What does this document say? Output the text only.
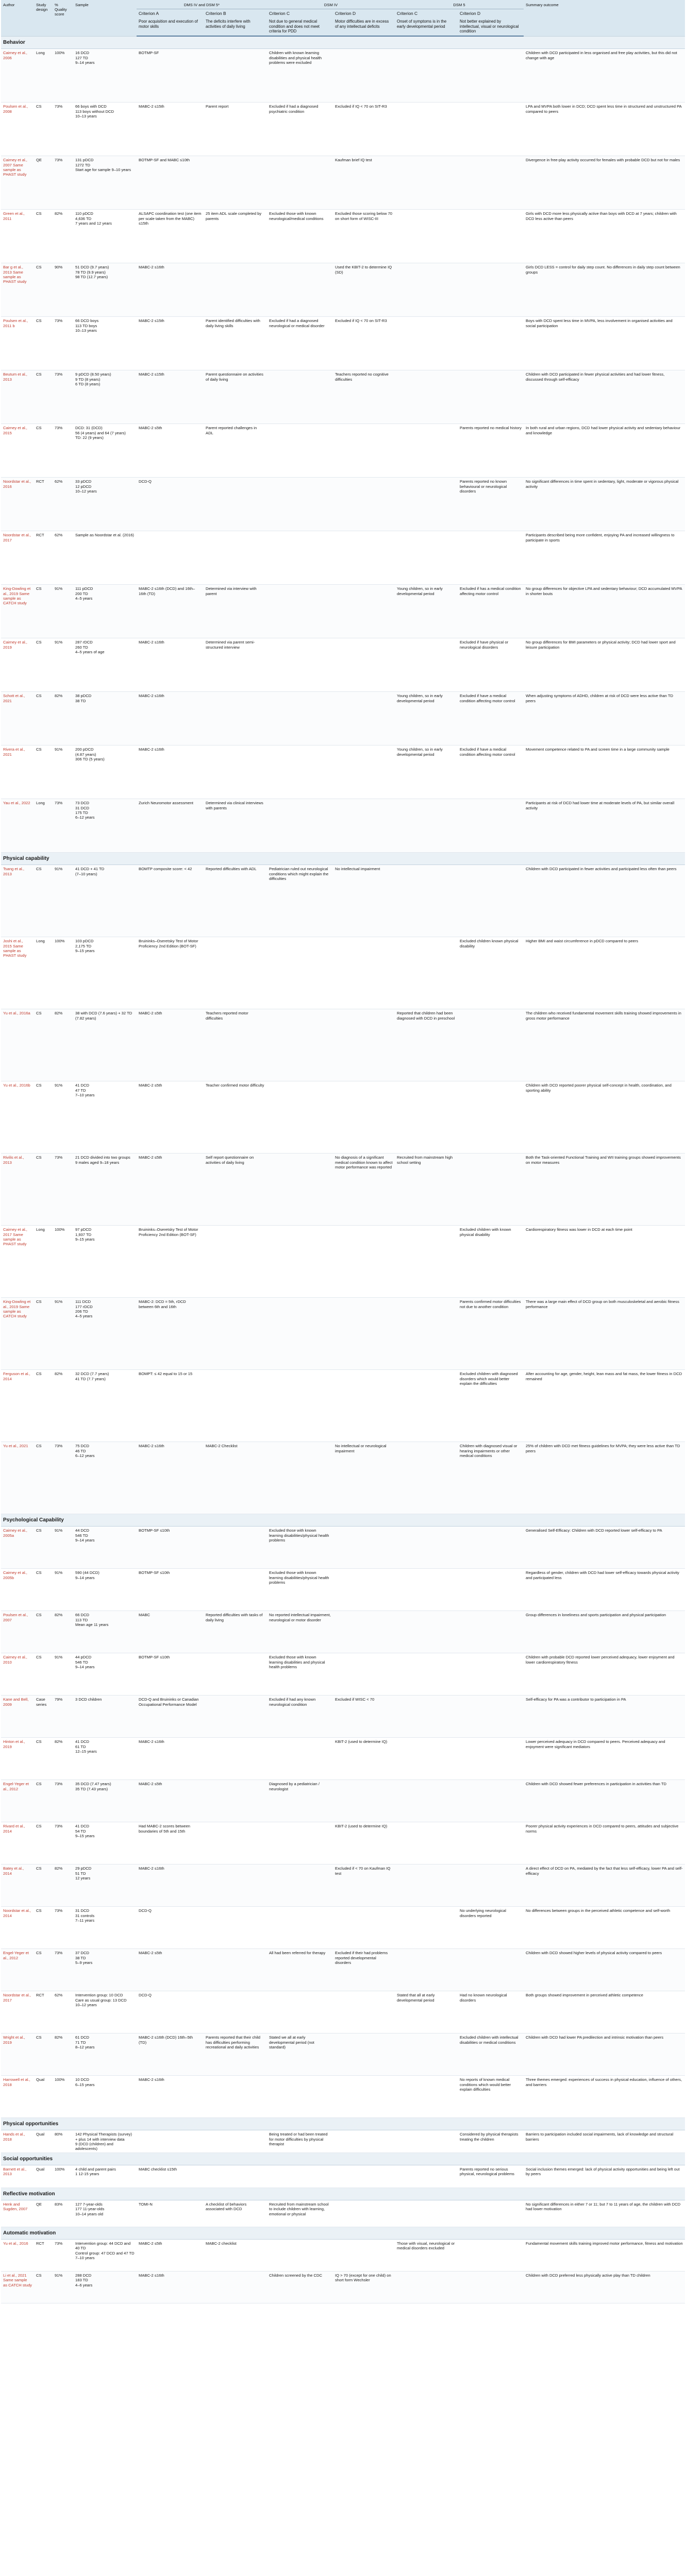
Author	Study design	% Quality score	Sample	DMS IV and DSM 5*		DSM IV		DSM 5		Summary outcome
				Criterion A	Criterion B	Criterion C	Criterion D	Criterion C	Criterion D	
				Poor acquisition and execution of motor skills	The deficits interfere with activities of daily living	Not due to general medical condition and does not meet criteria for PDD	Motor difficulties are in excess of any intellectual deficits	Onset of symptoms is in the early developmental period	Not better explained by intellectual, visual or neurological condition	
Behavior										
Cairney et al., 2006	Long	100%	16 DCD
127 TD
9–14 years	BOTMP-SF		Children with known learning disabilities and physical health problems were excluded				Children with DCD participated in less organised and free play activities, but this did not change with age
Poulsen et al., 2008	CS	73%	66 boys with DCD
113 boys without DCD
10–13 years	MABC-2 ≤15th	Parent report	Excluded if had a diagnosed psychiatric condition	Excluded if IQ < 70 on SIT-R3			LPA and MVPA both lower in DCD; DCD spent less time in structured and unstructured PA compared to peers
Cairney et al., 2007 Same sample as PHAST study	QE	73%	131 pDCD
1272 TD
Start age for sample 9–10 years	BOTMP-SF and MABC ≤10th			Kaufman brief IQ test			Divergence in free-play activity occurred for females with probable DCD but not for males
Green et al., 2011	CS	82%	110 pDCD
4,636 TD
7 years and 12 years	ALSAPC coordination test (one item per scale taken from the MABC) ≤15th	25 item ADL scale completed by parents	Excluded those with known neurological/medical conditions	Excluded those scoring below 70 on short form of WISC-III			Girls with DCD more less physically active than boys with DCD at 7 years; children with DCD less active than peers
Bar g et al., 2013 Same sample as PHAST study	CS	90%	51 DCD (9.7 years)
78 TD (9.9 years)
98 TD (12.7 years)	MABC-2 ≤16th			Used the KBIT-2 to determine IQ (SD)			Girls DCD LESS = control for daily step count. No differences in daily step count between groups
Poulsen et al., 2011 b	CS	73%	66 DCD boys
113 TD boys
10–13 years	MABC-2 ≤15th	Parent identified difficulties with daily living skills	Excluded if had a diagnosed neurological or medical disorder	Excluded if IQ < 70 on SIT-R3			Boys with DCD spent less time in MVPA, less involvement in organised activities and social participation
Beutum et al., 2013	CS	73%	9 pDCD (8.50 years)
9 TD (8 years)
6 TD (8 years)	MABC-2 ≤15th	Parent questionnaire on activities of daily living		Teachers reported no cognitive difficulties			Children with DCD participated in fewer physical activities and had lower fitness, discussed through self-efficacy
Cairney et al., 2015	CS	73%	DCD: 31 (DCD)
56 (4 years) and 64 (7 years)
TD: 22 (9 years)	MABC-2 ≤5th	Parent reported challenges in ADL				Parents reported no medical history	In both rural and urban regions, DCD had lower physical activity and sedentary behaviour and knowledge
Noordstar et al., 2016	RCT	62%	33 pDCD
12 pDCD
10–12 years	DCD-Q					Parents reported no known behavioural or neurological disorders	No significant differences in time spent in sedentary, light, moderate or vigorous physical activity
Noordstar et al., 2017	RCT	62%	Sample as Noordstar et al. (2016)							Participants described being more confident, enjoying PA and increased willingness to participate in sports
King-Dowling et al., 2019 Same sample as CATCH study	CS	91%	111 pDCD
200 TD
4–5 years	MABC-2 ≤16th (DCD) and 16th–16th (TD)	Determined via interview with parent			Young children, so in early developmental period	Excluded if has a medical condition affecting motor control	No group differences for objective LPA and sedentary behaviour; DCD accumulated MVPA in shorter bouts
Cairney et al., 2019	CS	91%	287 rDCD
260 TD
4–5 years of age	MABC-2 ≤16th	Determined via parent semi-structured interview				Excluded if have physical or neurological disorders	No group differences for BMI parameters or physical activity; DCD had lower sport and leisure participation
Schott et al., 2021	CS	82%	38 pDCD
38 TD	MABC-2 ≤16th				Young children, so in early developmental period	Excluded if have a medical condition affecting motor control	When adjusting symptoms of ADHD, children at risk of DCD were less active than TD peers
Rivera et al., 2021	CS	91%	200 pDCD
(4.87 years)
306 TD (5 years)	MABC-2 ≤16th				Young children, so in early developmental period	Excluded if have a medical condition affecting motor control	Movement competence related to PA and screen time in a large community sample
Yau et al., 2022	Long	73%	73 DCD
31 DCD
175 TD
6–12 years	Zurich Neuromotor assessment	Determined via clinical interviews with parents					Participants at risk of DCD had lower time at moderate levels of PA, but similar overall activity
Physical capability										
Tsang et al., 2013	CS	91%	41 DCD + 41 TD
(7–10 years)	BOMTP composite score: < 42	Reported difficulties with ADL	Pediatrician ruled out neurological conditions which might explain the difficulties	No intellectual impairment			Children with DCD participated in fewer activities and participated less often than peers
Joshi et al., 2015 Same sample as PHAST study	Long	100%	103 pDCD
2,175 TD
9–15 years	Bruininks–Oseretsky Test of Motor Proficiency 2nd Edition (BOT-SF)					Excluded children known physical disability	Higher BMI and waist circumference in pDCD compared to peers
Yu et al., 2016a	CS	82%	38 with DCD (7.6 years) + 32 TD (7.82 years)	MABC-2 ≤5th	Teachers reported motor difficulties			Reported that children had been diagnosed with DCD in preschool		The children who received fundamental movement skills training showed improvements in gross motor performance
Yu et al., 2016b	CS	91%	41 DCD
47 TD
7–10 years	MABC-2 ≤5th	Teacher confirmed motor difficulty					Children with DCD reported poorer physical self-concept in health, coordination, and sporting ability
Rivilis et al., 2013	CS	73%	21 DCD divided into two groups
9 males aged 9–18 years	MABC-2 ≤5th	Self report questionnaire on activities of daily living		No diagnosis of a significant medical condition known to affect motor performance was reported	Recruited from mainstream high school setting		Both the Task-oriented Functional Training and WII training groups showed improvements on motor measures
Cairney et al., 2017 Same sample as PHAST study	Long	100%	97 pDCD
1,937 TD
9–15 years	Bruininks–Oseretsky Test of Motor Proficiency 2nd Edition (BOT-SF)					Excluded children with known physical disability	Cardiorespiratory fitness was lower in DCD at each time point
King-Dowling et al., 2019 Same sample as CATCH study	CS	91%	111 DCD
177 rDCD
206 TD
4–5 years	MABC-2: DCD = 5th, rDCD between 6th and 16th					Parents confirmed motor difficulties not due to another condition	There was a large main effect of DCD group on both musculoskeletal and aerobic fitness performance
Ferguson et al., 2014	CS	82%	32 DCD (7.7 years)
41 TD (7.7 years)	BOMPT: ≤ 42 equal to 15 or 15					Excluded children with diagnosed disorders which would better explain the difficulties	After accounting for age, gender, height, lean mass and fat mass, the lower fitness in DCD remained
Yu et al., 2021	CS	73%	75 DCD
46 TD
6–12 years	MABC-2 ≤16th	MABC-2 Checklist		No intellectual or neurological impairment		Children with diagnosed visual or hearing impairments or other medical conditions	25% of children with DCD met fitness guidelines for MVPA; they were less active than TD peers
Psychological Capability										
Cairney et al., 2005a	CS	91%	44 DCD
546 TD
9–14 years	BOTMP-SF ≤10th		Excluded those with known learning disabilities/physical health problems				Generalised Self-Efficacy: Children with DCD reported lower self-efficacy to PA
Cairney et al., 2005b	CS	91%	590 (44 DCD)
9–14 years	BOTMP-SF ≤10th		Excluded those with known learning disabilities/physical health problems				Regardless of gender, children with DCD had lower self-efficacy towards physical activity and participated less
Poulsen et al., 2007	CS	82%	66 DCD
113 TD
Mean age 11 years	MABC	Reported difficulties with tasks of daily living	No reported intellectual impairment, neurological or motor disorder				Group differences in loneliness and sports participation and physical participation
Cairney et al., 2010	CS	91%	44 pDCD
546 TD
9–14 years	BOTMP-SF ≤10th		Excluded those with known learning disabilities and physical health problems				Children with probable DCD reported lower perceived adequacy, lower enjoyment and lower cardiorespiratory fitness
Kane and Bell, 2009	Case series	79%	3 DCD children	DCD-Q and Bruininks or Canadian Occupational Performance Model		Excluded if had any known neurological condition	Excluded if WISC < 70			Self-efficacy for PA was a contributor to participation in PA
Hinton et al., 2019	CS	82%	41 DCD
61 TD
12–15 years	MABC-2 ≤16th			KBIT-2 (used to determine IQ)			Lower perceived adequacy in DCD compared to peers. Perceived adequacy and enjoyment were significant mediators
Engel-Yeger et al., 2012	CS	73%	35 DCD (7.47 years)
35 TD (7.43 years)	MABC-2 ≤5th		Diagnosed by a pediatrician / neurologist				Children with DCD showed fewer preferences in participation in activities than TD
Rivard et al., 2014	CS	73%	41 DCD
54 TD
9–15 years	Had MABC-2 scores between boundaries of 5th and 15th			KBIT-2 (used to determine IQ)			Poorer physical activity experiences in DCD compared to peers, attitudes and subjective norms
Batey et al., 2014	CS	82%	29 pDCD
51 TD
12 years	MABC-2 ≤16th			Excluded if < 70 on Kaufman IQ test			A direct effect of DCD on PA, mediated by the fact that less self-efficacy, lower PA and self-efficacy
Noordstar et al., 2014	CS	73%	31 DCD
31 controls
7–11 years	DCD-Q					No underlying neurological disorders reported	No differences between groups in the perceived athletic competence and self-worth
Engel-Yeger et al., 2012	CS	73%	37 DCD
38 TD
5–9 years	MABC-2 ≤5th		All had been referred for therapy	Excluded if their had problems reported developmental disorders			Children with DCD showed higher levels of physical activity compared to peers
Noordstar et al., 2017	RCT	62%	Intervention group: 10 DCD
Care as usual group: 13 DCD
10–12 years	DCD-Q				Stated that all at early developmental period	Had no known neurological disorders	Both groups showed improvement in perceived athletic competence
Wright et al., 2019	CS	82%	61 DCD
71 TD
8–12 years	MABC-2 ≤16th (DCD) 16th–5th (TD)	Parents reported that their child has difficulties performing recreational and daily activities	Stated we all at early developmental period (not standard)			Excluded children with intellectual disabilities or medical conditions	Children with DCD had lower PA predilection and intrinsic motivation than peers
Harrowell et al., 2018	Qual	100%	10 DCD
6–15 years	MABC-2 ≤16th					No reports of known medical conditions which would better explain difficulties	Three themes emerged: experiences of success in physical education, influence of others, and barriers
Physical opportunities										
Hands et al., 2018	Qual	80%	142 Physical Therapists (survey)
+ plus 14 with interview data
9 (DCD (children) and adolescents)			Being treated or had been treated for motor difficulties by physical therapist			Considered by physical therapists treating the children	Barriers to participation included social impairments, lack of knowledge and structural barriers
Social opportunities										
Barnett et al., 2013	Qual	100%	4 child and parent pairs
1 12-15 years	MABC checklist ≤15th					Parents reported no serious physical, neurological problems	Social inclusion themes emerged: lack of physical activity opportunities and being left out by peers
Reflective motivation										
Henk and Sugden, 2007	QE	83%	127 7-year-olds
177 11-year-olds
10–14 years old	TOMI-N	A checklist of behaviors associated with DCD	Recruited from mainstream school to include children with learning, emotional or physical				No significant differences in either 7 or 11; but 7 to 11 years of age, the children with DCD had lower motivation
Automatic motivation										
Yu et al., 2016	RCT	73%	Intervention group: 44 DCD and 40 TD
Control group: 47 DCD and 47 TD
7–10 years	MABC-2 ≤5th	MABC-2 checklist			Those with visual, neurological or medical disorders excluded		Fundamental movement skills training improved motor performance, fitness and motivation
Li et al., 2021 Same sample as CATCH study	CS	91%	288 DCD
183 TD
4–6 years	MABC-2 ≤16th		Children screened by the CDC	IQ > 70 (except for one child) on short form Wechsler			Children with DCD preferred less physically active play than TD children
